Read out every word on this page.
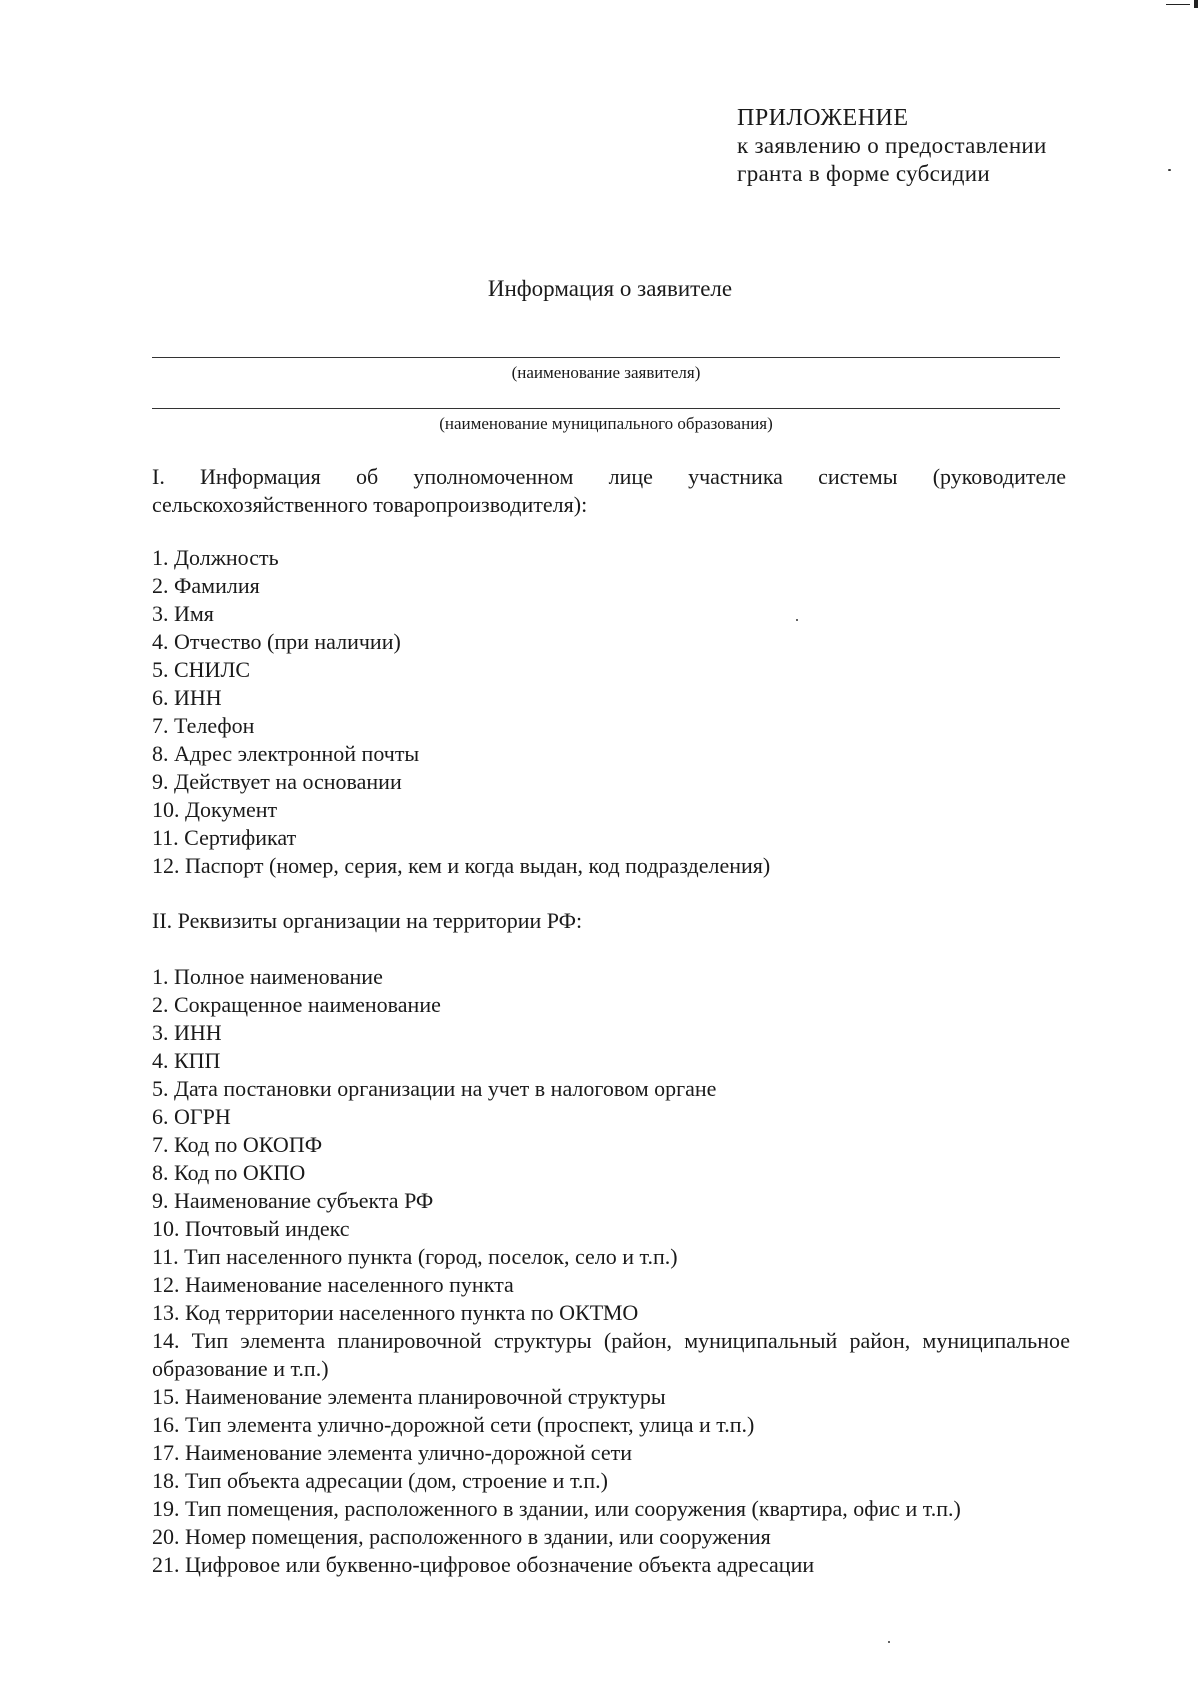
ПРИЛОЖЕНИЕ
к заявлению о предоставлении
гранта в форме субсидии
Информация о заявителе
(наименование заявителя)
(наименование муниципального образования)
I. Информация об уполномоченном лице участника системы (руководителе сельскохозяйственного товаропроизводителя):
1. Должность
2. Фамилия
3. Имя
4. Отчество (при наличии)
5. СНИЛС
6. ИНН
7. Телефон
8. Адрес электронной почты
9. Действует на основании
10. Документ
11. Сертификат
12. Паспорт (номер, серия, кем и когда выдан, код подразделения)
II. Реквизиты организации на территории РФ:
1. Полное наименование
2. Сокращенное наименование
3. ИНН
4. КПП
5. Дата постановки организации на учет в налоговом органе
6. ОГРН
7. Код по ОКОПФ
8. Код по ОКПО
9. Наименование субъекта РФ
10. Почтовый индекс
11. Тип населенного пункта (город, поселок, село и т.п.)
12. Наименование населенного пункта
13. Код территории населенного пункта по ОКТМО
14. Тип элемента планировочной структуры (район, муниципальный район, муниципальное образование и т.п.)
15. Наименование элемента планировочной структуры
16. Тип элемента улично-дорожной сети (проспект, улица и т.п.)
17. Наименование элемента улично-дорожной сети
18. Тип объекта адресации (дом, строение и т.п.)
19. Тип помещения, расположенного в здании, или сооружения (квартира, офис и т.п.)
20. Номер помещения, расположенного в здании, или сооружения
21. Цифровое или буквенно-цифровое обозначение объекта адресации
